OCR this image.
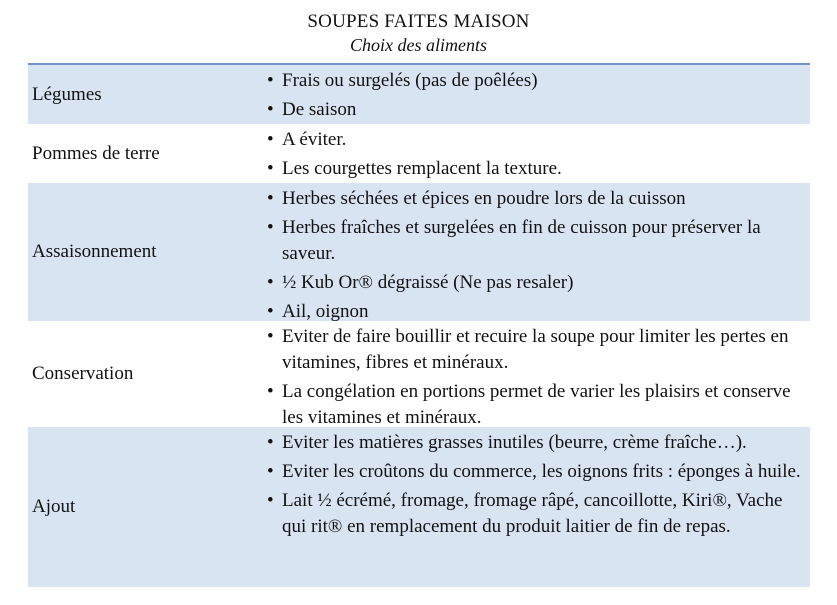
SOUPES FAITES MAISON
Choix des aliments
Légumes
• Frais ou surgelés (pas de poêlées)
• De saison
Pommes de terre
• A éviter.
• Les courgettes remplacent la texture.
Assaisonnement
• Herbes séchées et épices en poudre lors de la cuisson
• Herbes fraîches et surgelées en fin de cuisson pour préserver la saveur.
• ½ Kub Or® dégraissé (Ne pas resaler)
• Ail, oignon
Conservation
• Eviter de faire bouillir et recuire la soupe pour limiter les pertes en vitamines, fibres et minéraux.
• La congélation en portions permet de varier les plaisirs et conserve les vitamines et minéraux.
Ajout
• Eviter les matières grasses inutiles (beurre, crème fraîche…).
• Eviter les croûtons du commerce, les oignons frits : éponges à huile.
• Lait ½ écrémé, fromage, fromage râpé, cancoillotte, Kiri®, Vache qui rit® en remplacement du produit laitier de fin de repas.
